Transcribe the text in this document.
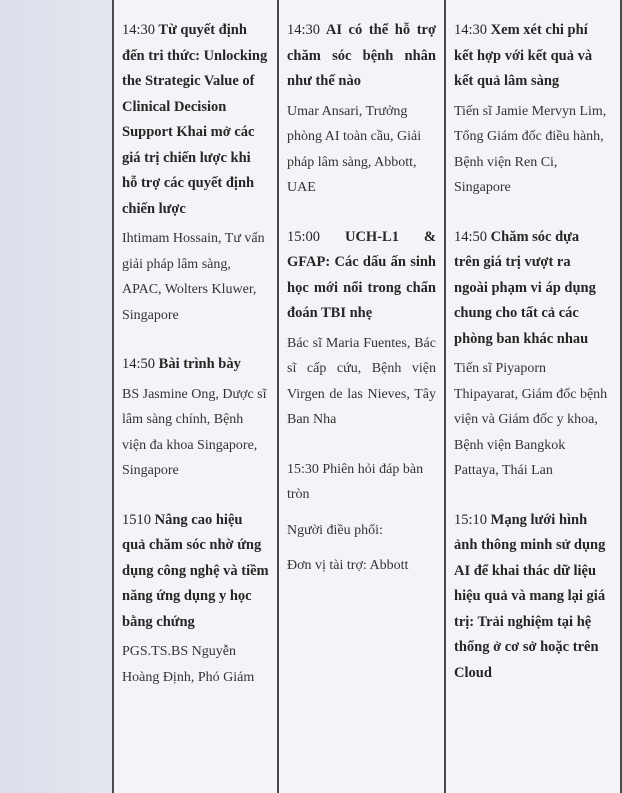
14:30 Từ quyết định đến tri thức: Unlocking the Strategic Value of Clinical Decision Support Khai mở các giá trị chiến lược khi hỗ trợ các quyết định chiến lược

Ihtimam Hossain, Tư vấn giải pháp lâm sàng, APAC, Wolters Kluwer, Singapore

14:50 Bài trình bày

BS Jasmine Ong, Dược sĩ lâm sàng chính, Bệnh viện đa khoa Singapore, Singapore

1510 Nâng cao hiệu quả chăm sóc nhờ ứng dụng công nghệ và tiềm năng ứng dụng y học bằng chứng

PGS.TS.BS Nguyễn Hoàng Định, Phó Giám

14:30 AI có thể hỗ trợ chăm sóc bệnh nhân như thế nào

Umar Ansari, Trưởng phòng AI toàn cầu, Giải pháp lâm sàng, Abbott, UAE

15:00 UCH-L1 & GFAP: Các dấu ấn sinh học mới nổi trong chẩn đoán TBI nhẹ

Bác sĩ Maria Fuentes, Bác sĩ cấp cứu, Bệnh viện Virgen de las Nieves, Tây Ban Nha

15:30 Phiên hỏi đáp bàn tròn

Người điều phối:

Đơn vị tài trợ: Abbott

14:30 Xem xét chi phí kết hợp với kết quả và kết quả lâm sàng

Tiến sĩ Jamie Mervyn Lim, Tổng Giám đốc điều hành, Bệnh viện Ren Ci, Singapore

14:50 Chăm sóc dựa trên giá trị vượt ra ngoài phạm vi áp dụng chung cho tất cả các phòng ban khác nhau

Tiến sĩ Piyaporn Thipayarat, Giám đốc bệnh viện và Giám đốc y khoa, Bệnh viện Bangkok Pattaya, Thái Lan

15:10 Mạng lưới hình ảnh thông minh sử dụng AI để khai thác dữ liệu hiệu quả và mang lại giá trị: Trải nghiệm tại hệ thống ở cơ sở hoặc trên Cloud
